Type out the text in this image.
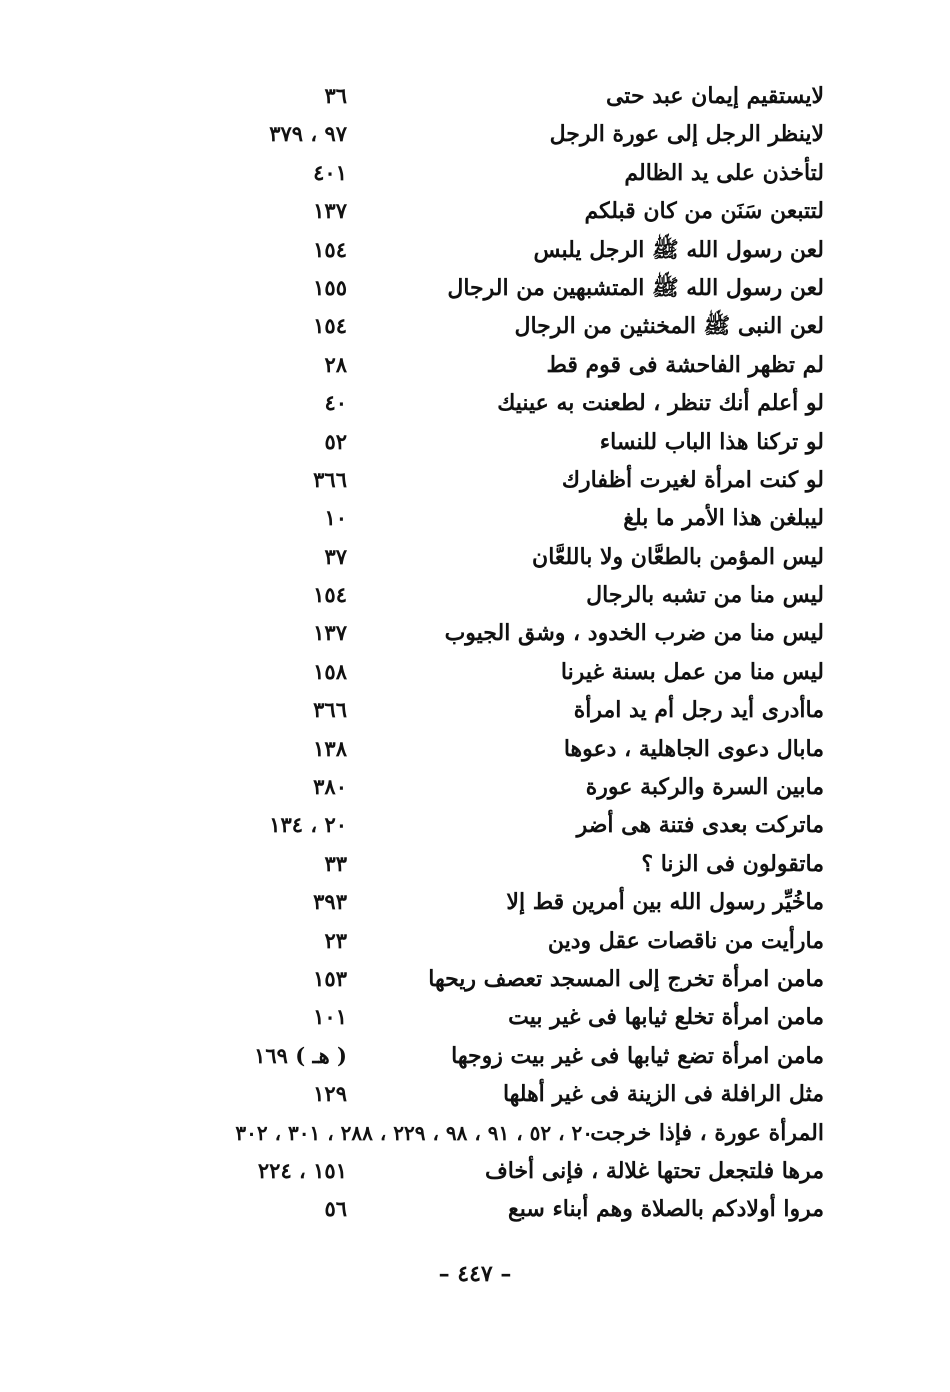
لايستقيم إيمان عبد حتى
٣٦
لاينظر الرجل إلى عورة الرجل
٩٧ ، ٣٧٩
لتأخذن على يد الظالم
٤٠١
لتتبعن سَنَن من كان قبلكم
١٣٧
لعن رسول الله ﷺ الرجل يلبس
١٥٤
لعن رسول الله ﷺ المتشبهين من الرجال
١٥٥
لعن النبى ﷺ المخنثين من الرجال
١٥٤
لم تظهر الفاحشة فى قوم قط
٢٨
لو أعلم أنك تنظر ، لطعنت به عينيك
٤٠
لو تركنا هذا الباب للنساء
٥٢
لو كنت امرأة لغيرت أظفارك
٣٦٦
ليبلغن هذا الأمر ما بلغ
١٠
ليس المؤمن بالطعَّان ولا باللعَّان
٣٧
ليس منا من تشبه بالرجال
١٥٤
ليس منا من ضرب الخدود ، وشق الجيوب
١٣٧
ليس منا من عمل بسنة غيرنا
١٥٨
ماأدرى أيد رجل أم يد امرأة
٣٦٦
مابال دعوى الجاهلية ، دعوها
١٣٨
مابين السرة والركبة عورة
٣٨٠
ماتركت بعدى فتنة هى أضر
٢٠ ، ١٣٤
ماتقولون فى الزنا ؟
٣٣
ماخُيِّر رسول الله بين أمرين قط إلا
٣٩٣
مارأيت من ناقصات عقل ودين
٢٣
مامن امرأة تخرج إلى المسجد تعصف ريحها
١٥٣
مامن امرأة تخلع ثيابها فى غير بيت
١٠١
مامن امرأة تضع ثيابها فى غير بيت زوجها
( هـ ) ١٦٩
مثل الرافلة فى الزينة فى غير أهلها
١٢٩
المرأة عورة ، فإذا خرجت
٢٠ ، ٥٢ ، ٩١ ، ٩٨ ، ٢٢٩ ، ٢٨٨ ، ٣٠١ ، ٣٠٢
مرها فلتجعل تحتها غلالة ، فإنى أخاف
١٥١ ، ٢٢٤
مروا أولادكم بالصلاة وهم أبناء سبع
٥٦
– ٤٤٧ –
